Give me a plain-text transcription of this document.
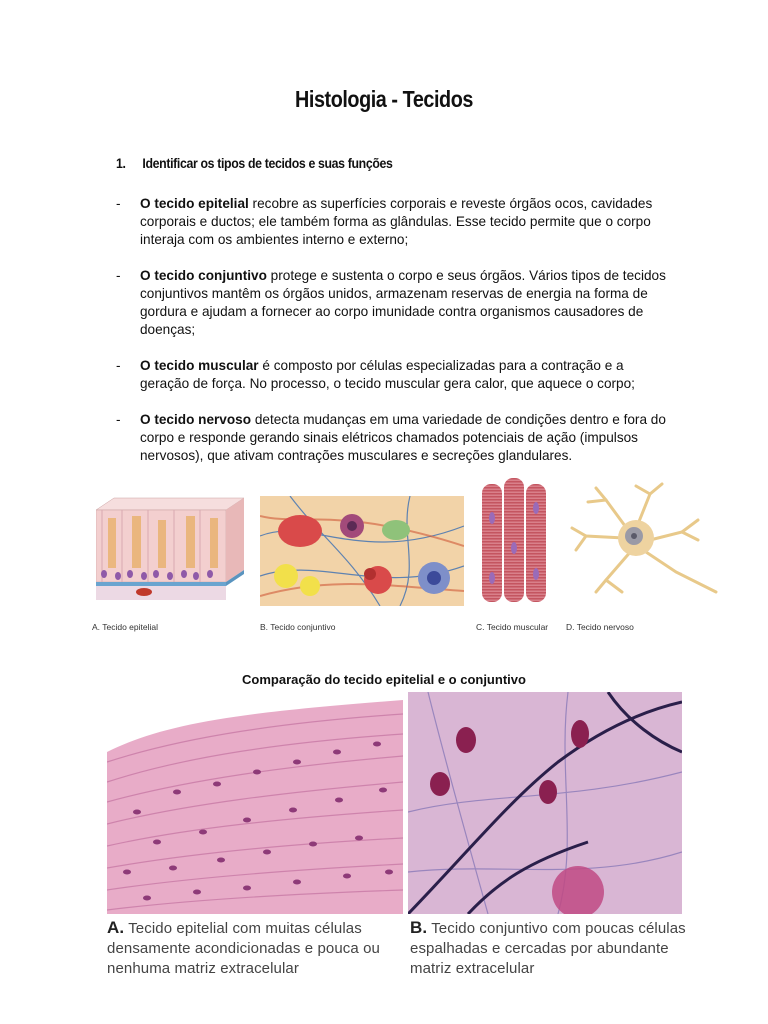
Histologia - Tecidos
1. Identificar os tipos de tecidos e suas funções
- O tecido epitelial recobre as superfícies corporais e reveste órgãos ocos, cavidades corporais e ductos; ele também forma as glândulas. Esse tecido permite que o corpo interaja com os ambientes interno e externo;
- O tecido conjuntivo protege e sustenta o corpo e seus órgãos. Vários tipos de tecidos conjuntivos mantêm os órgãos unidos, armazenam reservas de energia na forma de gordura e ajudam a fornecer ao corpo imunidade contra organismos causadores de doenças;
- O tecido muscular é composto por células especializadas para a contração e a geração de força. No processo, o tecido muscular gera calor, que aquece o corpo;
- O tecido nervoso detecta mudanças em uma variedade de condições dentro e fora do corpo e responde gerando sinais elétricos chamados potenciais de ação (impulsos nervosos), que ativam contrações musculares e secreções glandulares.
A. Tecido epitelial	B. Tecido conjuntivo	C. Tecido muscular D. Tecido nervoso
Comparação do tecido epitelial e o conjuntivo
A. Tecido epitelial com muitas células densamente acondicionadas e pouca ou nenhuma matriz extracelular
B. Tecido conjuntivo com poucas células espalhadas e cercadas por abundante matriz extracelular
